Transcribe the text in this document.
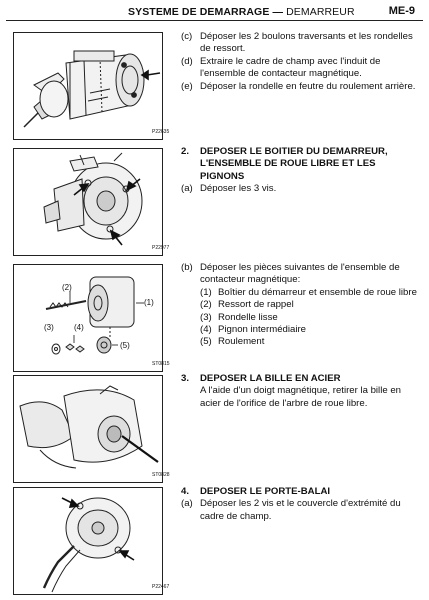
SYSTEME DE DEMARRAGE — DEMARREUR	ME-9
P22635
P22977
(2)
(1)
(3)	(4)
(5)
ST0815
ST0828
P22467
(c) Déposer les 2 boulons traversants et les rondelles de ressort.
(d) Extraire le cadre de champ avec l'induit de l'ensemble de contacteur magnétique.
(e) Déposer la rondelle en feutre du roulement arrière.
2. DEPOSER LE BOITIER DU DEMARREUR, L'ENSEMBLE DE ROUE LIBRE ET LES PIGNONS
(a) Déposer les 3 vis.
(b) Déposer les pièces suivantes de l'ensemble de contacteur magnétique:
(1) Boîtier du démarreur et ensemble de roue libre
(2) Ressort de rappel
(3) Rondelle lisse
(4) Pignon intermédiaire
(5) Roulement
3. DEPOSER LA BILLE EN ACIER
A l'aide d'un doigt magnétique, retirer la bille en acier de l'orifice de l'arbre de roue libre.
4. DEPOSER LE PORTE-BALAI
(a) Déposer les 2 vis et le couvercle d'extrémité du cadre de champ.
